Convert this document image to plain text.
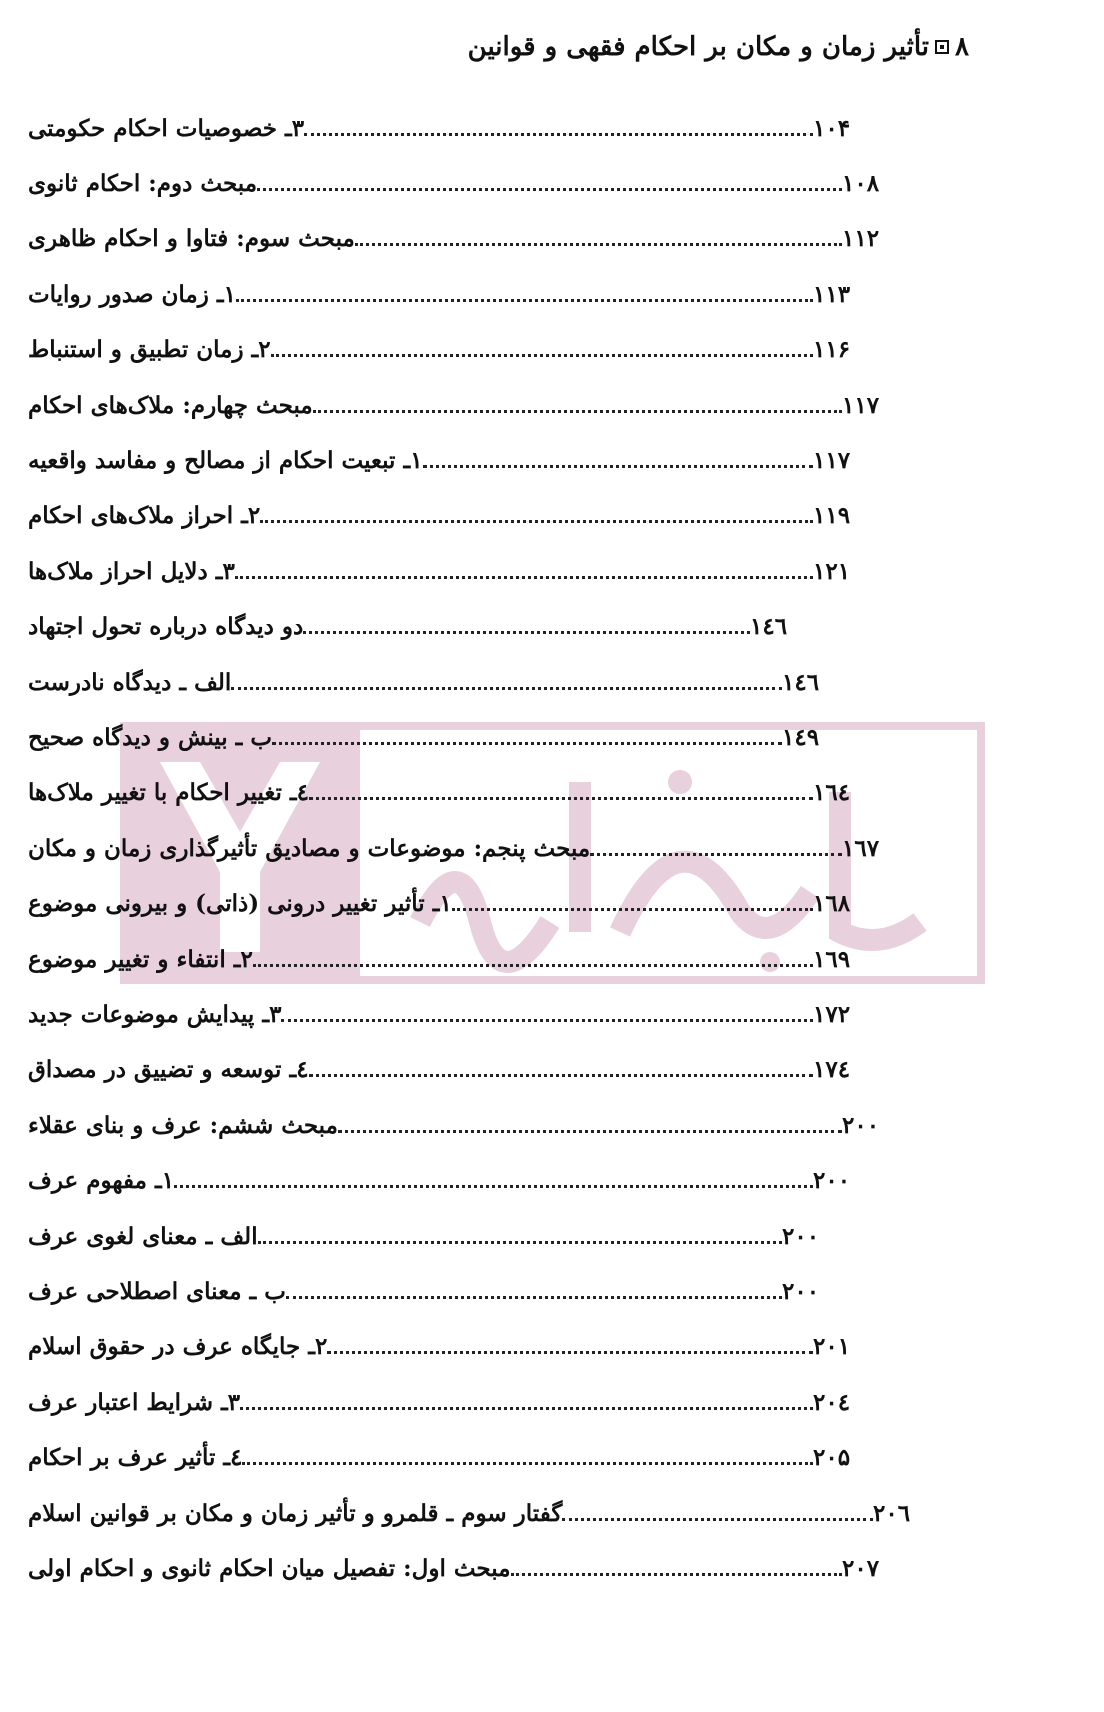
۸
تأثیر زمان و مکان بر احکام فقهی و قوانین
۳ـ خصوصیات احکام حکومتی	۱۰۴
مبحث دوم: احکام ثانوی	۱۰۸
مبحث سوم: فتاوا و احکام ظاهری	۱۱۲
۱ـ زمان صدور روایات	۱۱۳
۲ـ زمان تطبیق و استنباط	۱۱۶
مبحث چهارم: ملاک‌های احکام	۱۱۷
۱ـ تبعیت احکام از مصالح و مفاسد واقعیه	۱۱۷
۲ـ احراز ملاک‌های احکام	۱۱۹
۳ـ دلایل احراز ملاک‌ها	۱۲۱
دو دیدگاه درباره تحول اجتهاد	۱٤٦
الف ـ دیدگاه نادرست	۱٤٦
ب ـ بینش و دیدگاه صحیح	۱٤۹
٤ـ تغییر احکام با تغییر ملاک‌ها	۱٦٤
مبحث پنجم: موضوعات و مصادیق تأثیرگذاری زمان و مکان	۱٦۷
۱ـ تأثیر تغییر درونی (ذاتی) و بیرونی موضوع	۱٦۸
۲ـ انتفاء و تغییر موضوع	۱٦۹
۳ـ پیدایش موضوعات جدید	۱۷۲
٤ـ توسعه و تضییق در مصداق	۱۷٤
مبحث ششم: عرف و بنای عقلاء	۲۰۰
۱ـ مفهوم عرف	۲۰۰
الف ـ معنای لغوی عرف	۲۰۰
ب ـ معنای اصطلاحی عرف	۲۰۰
۲ـ جایگاه عرف در حقوق اسلام	۲۰۱
۳ـ شرایط اعتبار عرف	۲۰٤
٤ـ تأثیر عرف بر احکام	۲۰۵
گفتار سوم ـ قلمرو و تأثیر زمان و مکان بر قوانین اسلام	۲۰٦
مبحث اول: تفصیل میان احکام ثانوی و احکام اولی	۲۰۷
